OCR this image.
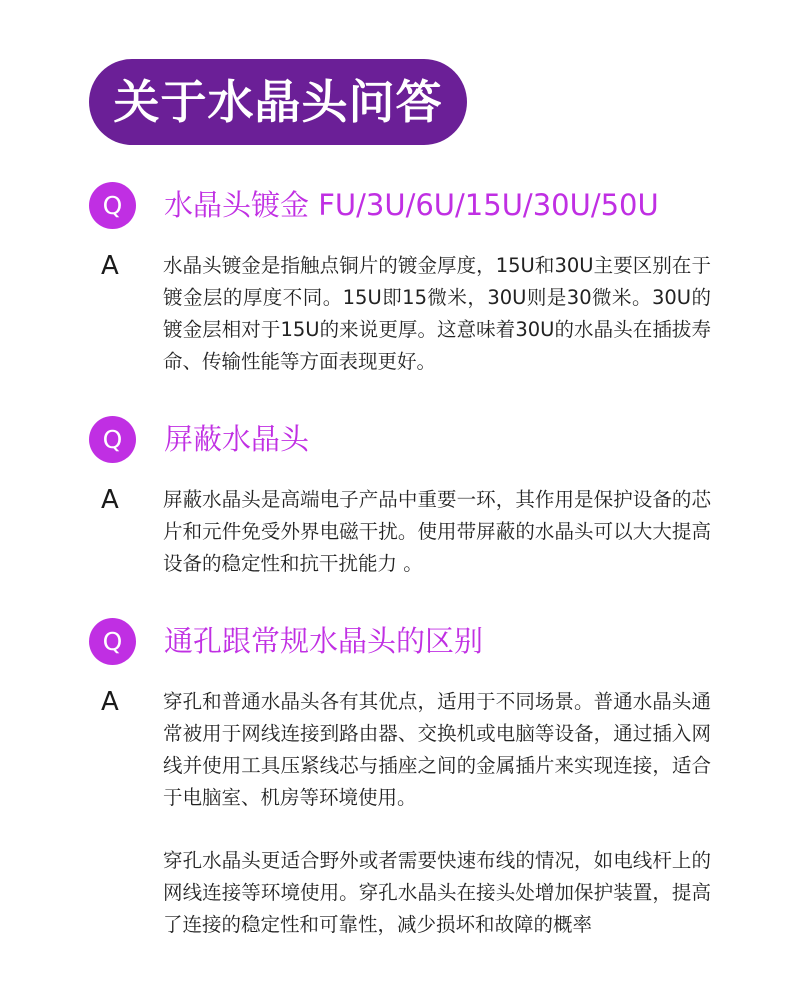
关于水晶头问答
Q	水晶头镀金 FU/3U/6U/15U/30U/50U
A 水晶头镀金是指触点铜片的镀金厚度，15U和30U主要区别在于镀金层的厚度不同。15U即15微米，30U则是30微米。30U的镀金层相对于15U的来说更厚。这意味着30U的水晶头在插拔寿命、传输性能等方面表现更好。

Q	屏蔽水晶头
A 屏蔽水晶头是高端电子产品中重要一环，其作用是保护设备的芯片和元件免受外界电磁干扰。使用带屏蔽的水晶头可以大大提高设备的稳定性和抗干扰能力 。

Q	通孔跟常规水晶头的区别
A 穿孔和普通水晶头各有其优点，适用于不同场景。普通水晶头通常被用于网线连接到路由器、交换机或电脑等设备，通过插入网线并使用工具压紧线芯与插座之间的金属插片来实现连接，适合于电脑室、机房等环境使用。

穿孔水晶头更适合野外或者需要快速布线的情况，如电线杆上的网线连接等环境使用。穿孔水晶头在接头处增加保护装置，提高了连接的稳定性和可靠性，减少损坏和故障的概率
